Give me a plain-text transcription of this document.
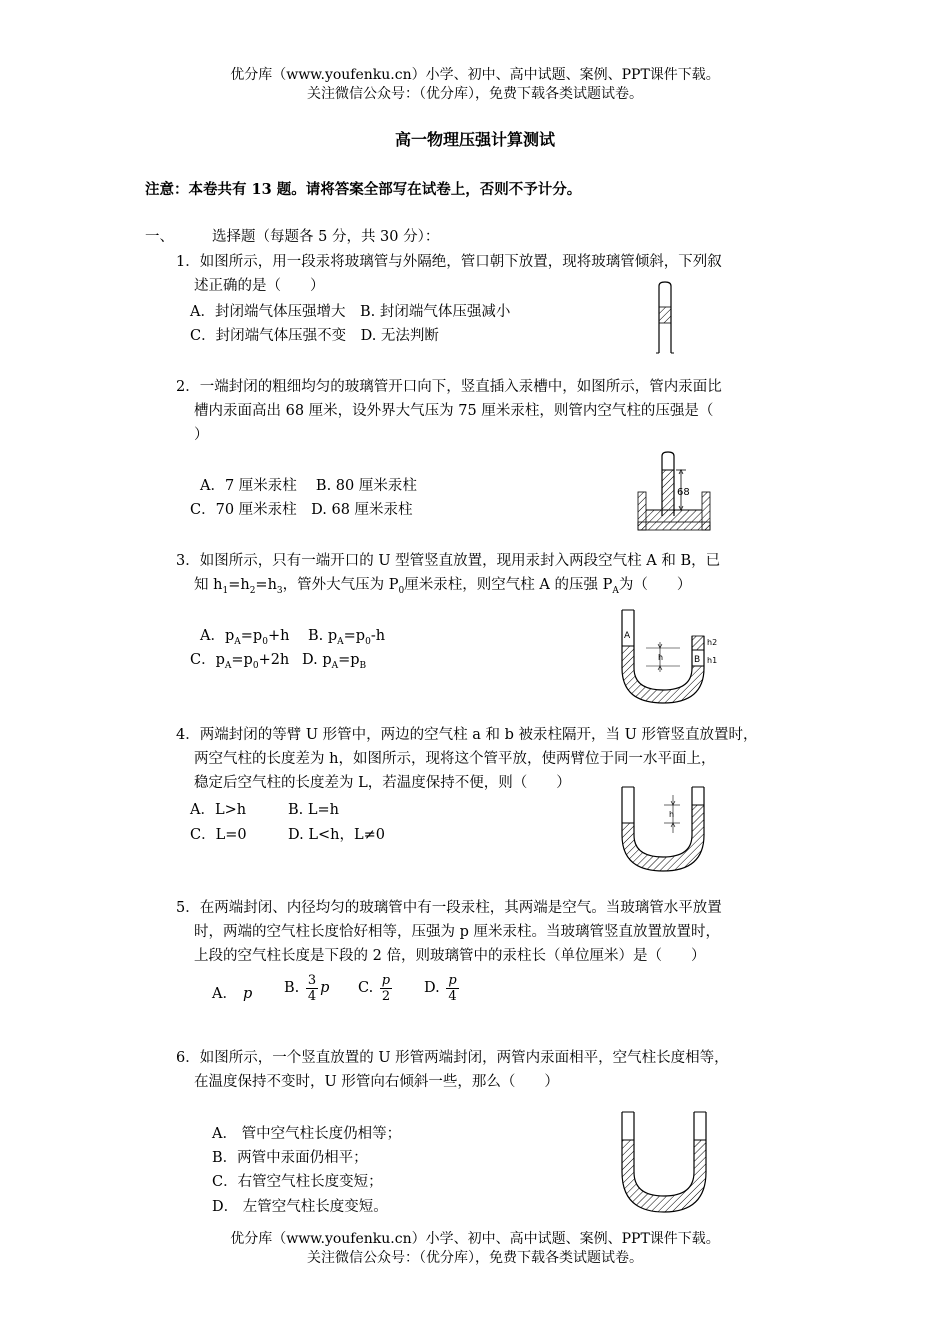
优分库（www.youfenku.cn）小学、初中、高中试题、案例、PPT课件下载。
关注微信公众号：（优分库），免费下载各类试题试卷。
高一物理压强计算测试
注意：本卷共有 13 题。请将答案全部写在试卷上，否则不予计分。
一、	选择题（每题各 5 分，共 30 分）：
1．如图所示，用一段汞将玻璃管与外隔绝，管口朝下放置，现将玻璃管倾斜，下列叙
述正确的是（　　）
A．封闭端气体压强增大　B. 封闭端气体压强减小
C．封闭端气体压强不变　D. 无法判断
2．一端封闭的粗细均匀的玻璃管开口向下，竖直插入汞槽中，如图所示，管内汞面比
槽内汞面高出 68 厘米，设外界大气压为 75 厘米汞柱，则管内空气柱的压强是（
）
A．7 厘米汞柱　 B. 80 厘米汞柱
C．70 厘米汞柱　D. 68 厘米汞柱
68
3．如图所示，只有一端开口的 U 型管竖直放置，现用汞封入两段空气柱 A 和 B，已
知 $h_1=h_2=h_3$，管外大气压为 $P_0$厘米汞柱，则空气柱 A 的压强 $P_A$为（　　）
A．$p_A=p_0+h$ B. $p_A=p_0-h$
C．$p_A=p_0+2h$ D. $p_A=p_B$
A
B
h2
h1
h
4．两端封闭的等臂 U 形管中，两边的空气柱 a 和 b 被汞柱隔开，当 U 形管竖直放置时，
两空气柱的长度差为 h，如图所示，现将这个管平放，使两臂位于同一水平面上，
稳定后空气柱的长度差为 L，若温度保持不便，则（　　）
A．L>h	B. L=h
C．L=0	D. L<h，L≠0
h
5．在两端封闭、内径均匀的玻璃管中有一段汞柱，其两端是空气。当玻璃管水平放置
时，两端的空气柱长度恰好相等，压强为 p 厘米汞柱。当玻璃管竖直放置放置时，
上段的空气柱长度是下段的 2 倍，则玻璃管中的汞柱长（单位厘米）是（　　）
A． p B. $\frac{3}{4}$ p C. $\frac{p}{2} D$. $\frac{p}{4}$
6．如图所示，一个竖直放置的 U 形管两端封闭，两管内汞面相平，空气柱长度相等，
在温度保持不变时，U 形管向右倾斜一些，那么（　　）
A． 管中空气柱长度仍相等；
B．两管中汞面仍相平；
C．右管空气柱长度变短；
D． 左管空气柱长度变短。
优分库（www.youfenku.cn）小学、初中、高中试题、案例、PPT课件下载。
关注微信公众号：（优分库），免费下载各类试题试卷。
